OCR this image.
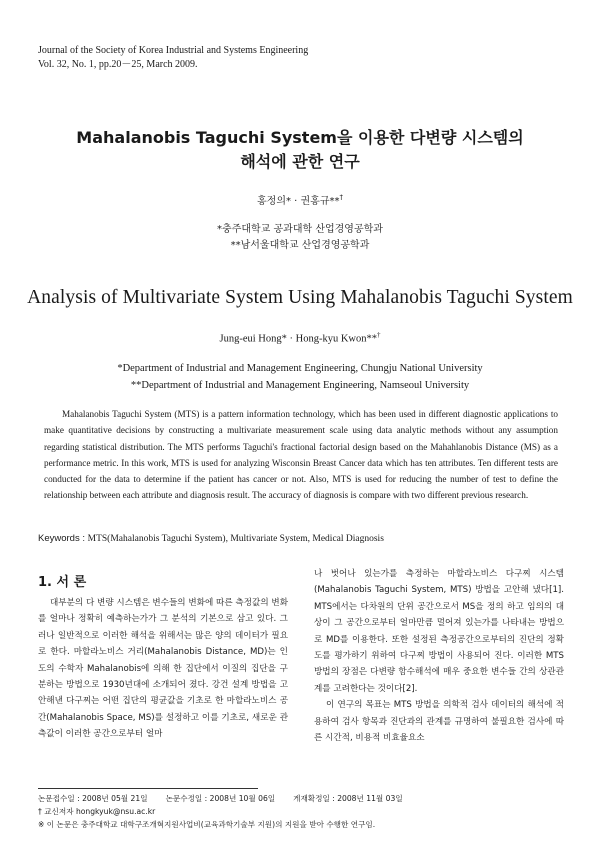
Journal of the Society of Korea Industrial and Systems Engineering
Vol. 32, No. 1, pp.20－25, March 2009.
Mahalanobis Taguchi System을 이용한 다변량 시스템의
해석에 관한 연구
홍정의* · 권홍규**†
*충주대학교 공과대학 산업경영공학과
**남서울대학교 산업경영공학과
Analysis of Multivariate System Using Mahalanobis Taguchi System
Jung-eui Hong* · Hong-kyu Kwon**†
*Department of Industrial and Management Engineering, Chungju National University
**Department of Industrial and Management Engineering, Namseoul University
Mahalanobis Taguchi System (MTS) is a pattern information technology, which has been used in different diagnostic applications to make quantitative decisions by constructing a multivariate measurement scale using data analytic methods without any assumption regarding statistical distribution. The MTS performs Taguchi's fractional factorial design based on the Mahahlanobis Distance (MS) as a performance metric. In this work, MTS is used for analyzing Wisconsin Breast Cancer data which has ten attributes. Ten different tests are conducted for the data to determine if the patient has cancer or not. Also, MTS is used for reducing the number of test to define the relationship between each attribute and diagnosis result. The accuracy of diagnosis is compare with two different previous research.
Keywords : MTS(Mahalanobis Taguchi System), Multivariate System, Medical Diagnosis
1. 서 론

대부분의 다 변량 시스템은 변수들의 변화에 따른 측정값의 변화를 얼마나 정확히 예측하는가가 그 분석의 기본으로 삼고 있다. 그러나 일반적으로 이러한 해석을 위해서는 많은 양의 데이터가 필요로 한다. 마할라노비스 거리(Mahalanobis Distance, MD)는 인도의 수학자 Mahalanobis에 의해 한 집단에서 이질의 집단을 구분하는 방법으로 1930년대에 소개되어 졌다. 강건 설계 방법을 고안해낸 다구찌는 어떤 집단의 평균값을 기초로 한 마할라노비스 공간(Mahalanobis Space, MS)를 설정하고 이를 기초로, 새로운 관측값이 이러한 공간으로부터 얼마

나 벗어나 있는가를 측정하는 마할라노비스 다구찌 시스템(Mahalanobis Taguchi System, MTS) 방법을 고안해 냈다[1]. MTS에서는 다차원의 단위 공간으로서 MS을 정의 하고 임의의 대상이 그 공간으로부터 얼마만큼 멀어져 있는가를 나타내는 방법으로 MD를 이용한다. 또한 설정된 측정공간으로부터의 진단의 정확도를 평가하기 위하여 다구찌 방법이 사용되어 진다. 이러한 MTS 방법의 장점은 다변량 함수해석에 매우 중요한 변수들 간의 상관관계를 고려한다는 것이다[2].

이 연구의 목표는 MTS 방법을 의학적 검사 데이터의 해석에 적용하여 검사 항목과 진단과의 관계를 규명하여 불필요한 검사에 따른 시간적, 비용적 비효율요소

논문접수일 : 2008년 05월 21일 논문수정일 : 2008년 10월 06일 게재확정일 : 2008년 11월 03일
† 교신저자 hongkyuk@nsu.ac.kr
※ 이 논문은 충주대학교 대학구조개혁지원사업비(교육과학기술부 지원)의 지원을 받아 수행한 연구임.
